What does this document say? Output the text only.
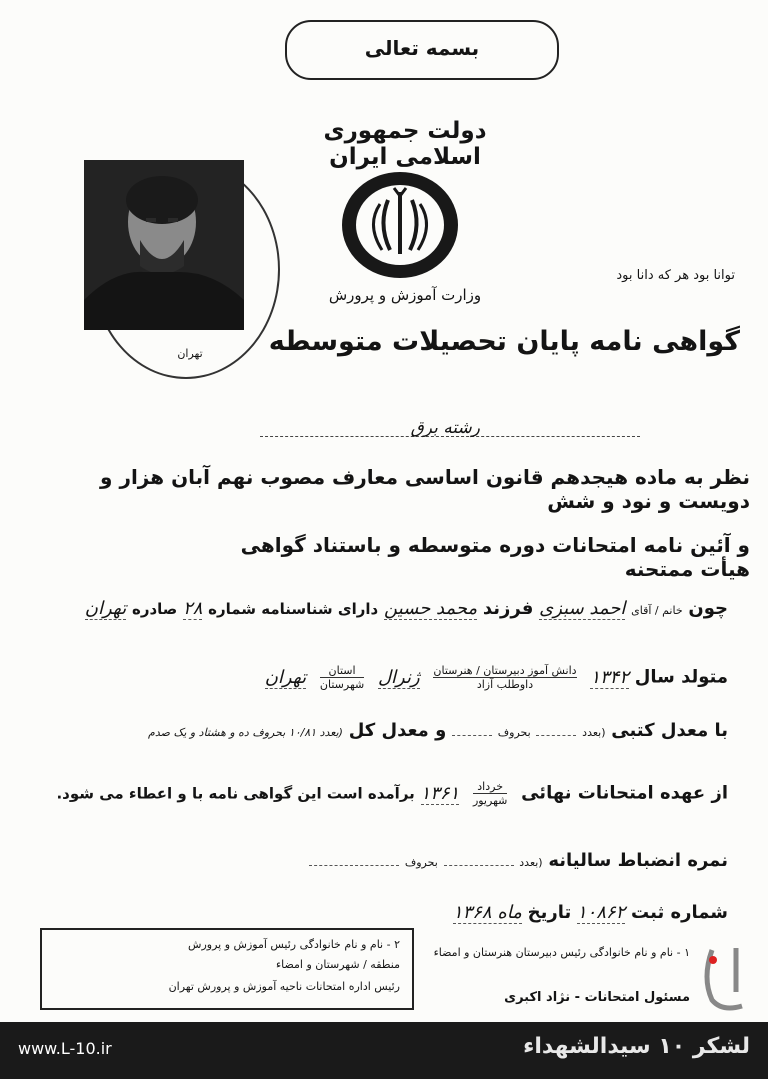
بسمه تعالی
دولت جمهوری اسلامی ایران
وزارت آموزش و پرورش
توانا بود هر که دانا بود
تهران	گواهی نامه پایان تحصیلات متوسطه
رشته برق
نظر به ماده هیجدهم قانون اساسی معارف مصوب نهم آبان هزار و دویست و نود و شش
و آئین نامه امتحانات دوره متوسطه و باستناد گواهی هیأت ممتحنه
چون خانم / آقای احمد سبزی فرزند محمد حسین دارای شناسنامه شماره ۲۸ صادره تهران
متولد سال ۱۳۴۲
دانش آموز دبیرستان / هنرستان
داوطلب آزاد
ژنرال
استان
شهرستان
تهران
با معدل کتبی (بعدد  بحروف  و معدل کل (بعدد ۱۰/۸۱ بحروف ده و هشتاد و یک صدم
از عهده امتحانات نهائی
خرداد
شهریور
۱۳۶۱ برآمده است این گواهی نامه با و اعطاء می شود.
نمره انضباط سالیانه (بعدد  بحروف
شماره ثبت ۱۰۸۶۲ تاریخ ماه ۱۳۶۸
۲ - نام و نام خانوادگی رئیس آموزش و پرورش
منطقه / شهرستان و امضاء
رئیس اداره امتحانات ناحیه آموزش و پرورش تهران
۱ - نام و نام خانوادگی رئیس دبیرستان هنرستان و امضاء
مسئول امتحانات - نژاد اکبری
www.L-10.ir	لشکر ۱۰ سیدالشهداء
